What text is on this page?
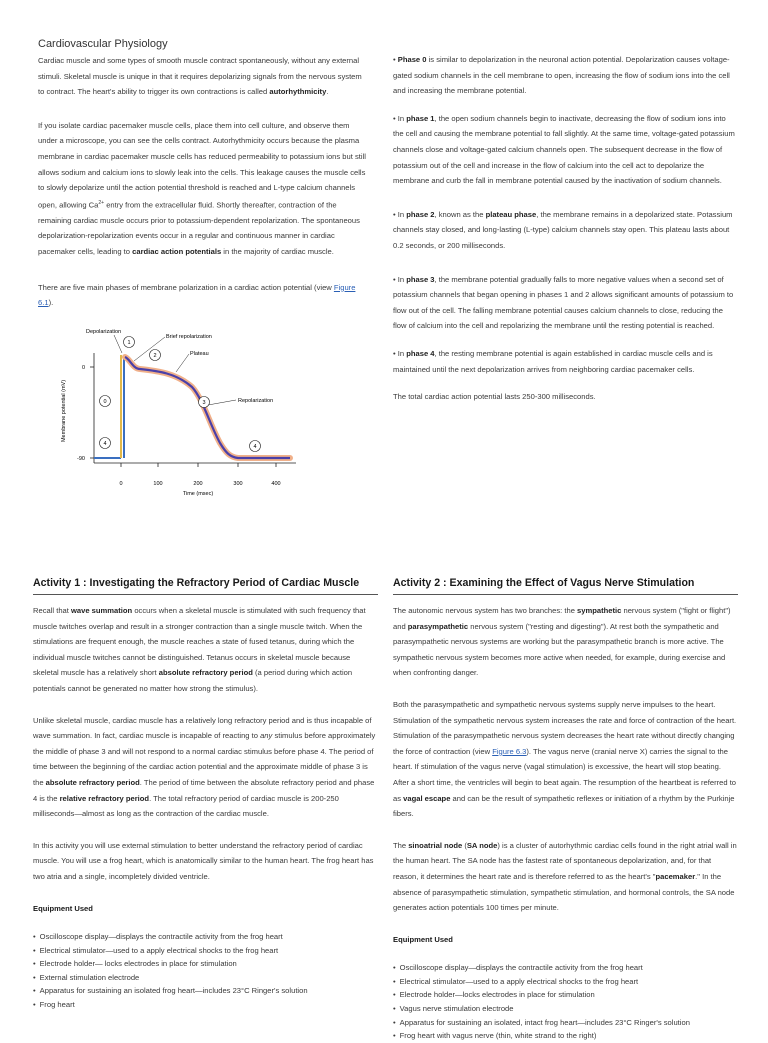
Cardiovascular Physiology

Cardiac muscle and some types of smooth muscle contract spontaneously, without any external stimuli. Skeletal muscle is unique in that it requires depolarizing signals from the nervous system to contract. The heart's ability to trigger its own contractions is called autorhythmicity.

If you isolate cardiac pacemaker muscle cells, place them into cell culture, and observe them under a microscope, you can see the cells contract. Autorhythmicity occurs because the plasma membrane in cardiac pacemaker muscle cells has reduced permeability to potassium ions but still allows sodium and calcium ions to slowly leak into the cells. This leakage causes the muscle cells to slowly depolarize until the action potential threshold is reached and L-type calcium channels open, allowing $Ca^{2+}$ entry from the extracellular fluid. Shortly thereafter, contraction of the remaining cardiac muscle occurs prior to potassium-dependent repolarization. The spontaneous depolarization-repolarization events occur in a regular and continuous manner in cardiac pacemaker cells, leading to cardiac action potentials in the majority of cardiac muscle.

There are five main phases of membrane polarization in a cardiac action potential (view Figure 6.1).

0
-90
0	100	200	300	400
Time (msec)
Membrane potential (mV)
Depolarization
Brief repolarization
Plateau
Repolarization
1
2
0	3
4	4

• Phase 0 is similar to depolarization in the neuronal action potential. Depolarization causes voltage-gated sodium channels in the cell membrane to open, increasing the flow of sodium ions into the cell and increasing the membrane potential.

• In phase 1, the open sodium channels begin to inactivate, decreasing the flow of sodium ions into the cell and causing the membrane potential to fall slightly. At the same time, voltage-gated potassium channels close and voltage-gated calcium channels open. The subsequent decrease in the flow of potassium out of the cell and increase in the flow of calcium into the cell act to depolarize the membrane and curb the fall in membrane potential caused by the inactivation of sodium channels.

• In phase 2, known as the plateau phase, the membrane remains in a depolarized state. Potassium channels stay closed, and long-lasting (L-type) calcium channels stay open. This plateau lasts about 0.2 seconds, or 200 milliseconds.

• In phase 3, the membrane potential gradually falls to more negative values when a second set of potassium channels that began opening in phases 1 and 2 allows significant amounts of potassium to flow out of the cell. The falling membrane potential causes calcium channels to close, reducing the flow of calcium into the cell and repolarizing the membrane until the resting potential is reached.

• In phase 4, the resting membrane potential is again established in cardiac muscle cells and is maintained until the next depolarization arrives from neighboring cardiac pacemaker cells.

The total cardiac action potential lasts 250-300 milliseconds.

Activity 1 : Investigating the Refractory Period of Cardiac Muscle

Recall that wave summation occurs when a skeletal muscle is stimulated with such frequency that muscle twitches overlap and result in a stronger contraction than a single muscle twitch. When the stimulations are frequent enough, the muscle reaches a state of fused tetanus, during which the individual muscle twitches cannot be distinguished. Tetanus occurs in skeletal muscle because skeletal muscle has a relatively short absolute refractory period (a period during which action potentials cannot be generated no matter how strong the stimulus).

Unlike skeletal muscle, cardiac muscle has a relatively long refractory period and is thus incapable of wave summation. In fact, cardiac muscle is incapable of reacting to any stimulus before approximately the middle of phase 3 and will not respond to a normal cardiac stimulus before phase 4. The period of time between the beginning of the cardiac action potential and the approximate middle of phase 3 is the absolute refractory period. The period of time between the absolute refractory period and phase 4 is the relative refractory period. The total refractory period of cardiac muscle is 200-250 milliseconds—almost as long as the contraction of the cardiac muscle.

In this activity you will use external stimulation to better understand the refractory period of cardiac muscle. You will use a frog heart, which is anatomically similar to the human heart. The frog heart has two atria and a single, incompletely divided ventricle.

Equipment Used
• Oscilloscope display—displays the contractile activity from the frog heart
• Electrical stimulator—used to a apply electrical shocks to the frog heart
• Electrode holder— locks electrodes in place for stimulation
• External stimulation electrode
• Apparatus for sustaining an isolated frog heart—includes 23°C Ringer's solution
• Frog heart
Activity 2 : Examining the Effect of Vagus Nerve Stimulation

The autonomic nervous system has two branches: the sympathetic nervous system ("fight or flight") and parasympathetic nervous system ("resting and digesting"). At rest both the sympathetic and parasympathetic nervous systems are working but the parasympathetic branch is more active. The sympathetic nervous system becomes more active when needed, for example, during exercise and when confronting danger.

Both the parasympathetic and sympathetic nervous systems supply nerve impulses to the heart. Stimulation of the sympathetic nervous system increases the rate and force of contraction of the heart. Stimulation of the parasympathetic nervous system decreases the heart rate without directly changing the force of contraction (view Figure 6.3). The vagus nerve (cranial nerve X) carries the signal to the heart. If stimulation of the vagus nerve (vagal stimulation) is excessive, the heart will stop beating. After a short time, the ventricles will begin to beat again. The resumption of the heartbeat is referred to as vagal escape and can be the result of sympathetic reflexes or initiation of a rhythm by the Purkinje fibers.

The sinoatrial node (SA node) is a cluster of autorhythmic cardiac cells found in the right atrial wall in the human heart. The SA node has the fastest rate of spontaneous depolarization, and, for that reason, it determines the heart rate and is therefore referred to as the heart's "pacemaker." In the absence of parasympathetic stimulation, sympathetic stimulation, and hormonal controls, the SA node generates action potentials 100 times per minute.

Equipment Used
• Oscilloscope display—displays the contractile activity from the frog heart
• Electrical stimulator—used to a apply electrical shocks to the frog heart
• Electrode holder—locks electrodes in place for stimulation
• Vagus nerve stimulation electrode
• Apparatus for sustaining an isolated, intact frog heart—includes 23°C Ringer's solution
• Frog heart with vagus nerve (thin, white strand to the right)
